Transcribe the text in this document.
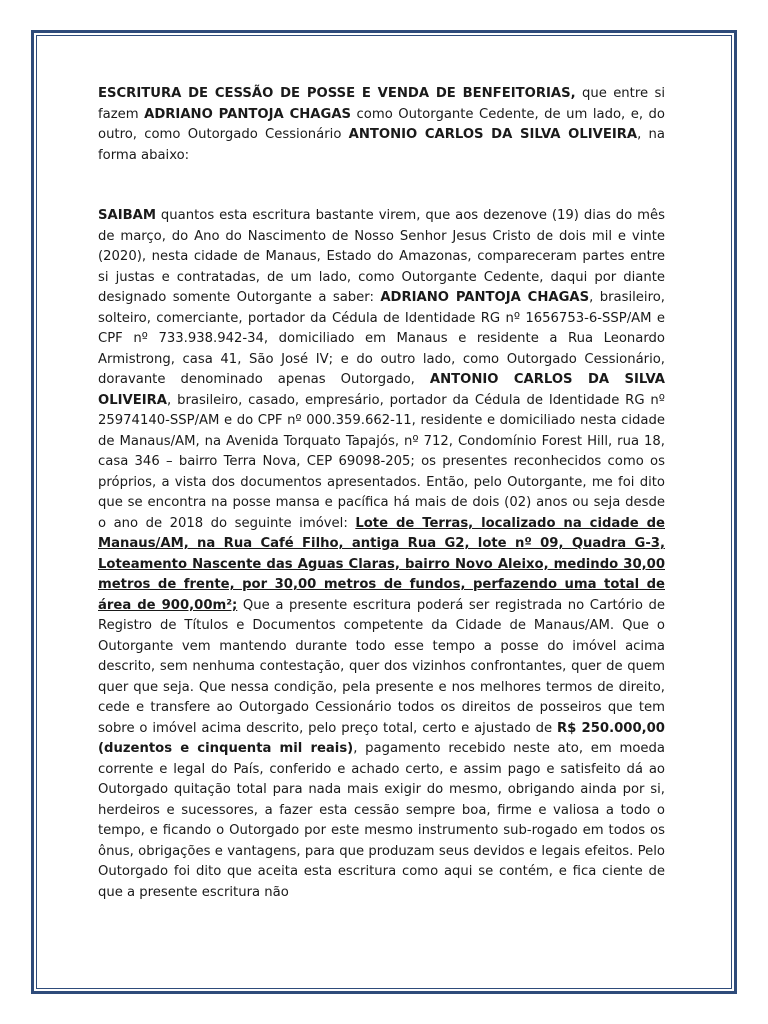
ESCRITURA DE CESSÃO DE POSSE E VENDA DE BENFEITORIAS, que entre si fazem ADRIANO PANTOJA CHAGAS como Outorgante Cedente, de um lado, e, do outro, como Outorgado Cessionário ANTONIO CARLOS DA SILVA OLIVEIRA, na forma abaixo:

SAIBAM quantos esta escritura bastante virem, que aos dezenove (19) dias do mês de março, do Ano do Nascimento de Nosso Senhor Jesus Cristo de dois mil e vinte (2020), nesta cidade de Manaus, Estado do Amazonas, compareceram partes entre si justas e contratadas, de um lado, como Outorgante Cedente, daqui por diante designado somente Outorgante a saber: ADRIANO PANTOJA CHAGAS, brasileiro, solteiro, comerciante, portador da Cédula de Identidade RG nº 1656753-6-SSP/AM e CPF nº 733.938.942-34, domiciliado em Manaus e residente a Rua Leonardo Armistrong, casa 41, São José IV; e do outro lado, como Outorgado Cessionário, doravante denominado apenas Outorgado, ANTONIO CARLOS DA SILVA OLIVEIRA, brasileiro, casado, empresário, portador da Cédula de Identidade RG nº 25974140-SSP/AM e do CPF nº 000.359.662-11, residente e domiciliado nesta cidade de Manaus/AM, na Avenida Torquato Tapajós, nº 712, Condomínio Forest Hill, rua 18, casa 346 – bairro Terra Nova, CEP 69098-205; os presentes reconhecidos como os próprios, a vista dos documentos apresentados. Então, pelo Outorgante, me foi dito que se encontra na posse mansa e pacífica há mais de dois (02) anos ou seja desde o ano de 2018 do seguinte imóvel: Lote de Terras, localizado na cidade de Manaus/AM, na Rua Café Filho, antiga Rua G2, lote nº 09, Quadra G-3, Loteamento Nascente das Aguas Claras, bairro Novo Aleixo, medindo 30,00 metros de frente, por 30,00 metros de fundos, perfazendo uma total de área de 900,00m²; Que a presente escritura poderá ser registrada no Cartório de Registro de Títulos e Documentos competente da Cidade de Manaus/AM. Que o Outorgante vem mantendo durante todo esse tempo a posse do imóvel acima descrito, sem nenhuma contestação, quer dos vizinhos confrontantes, quer de quem quer que seja. Que nessa condição, pela presente e nos melhores termos de direito, cede e transfere ao Outorgado Cessionário todos os direitos de posseiros que tem sobre o imóvel acima descrito, pelo preço total, certo e ajustado de R$ 250.000,00 (duzentos e cinquenta mil reais), pagamento recebido neste ato, em moeda corrente e legal do País, conferido e achado certo, e assim pago e satisfeito dá ao Outorgado quitação total para nada mais exigir do mesmo, obrigando ainda por si, herdeiros e sucessores, a fazer esta cessão sempre boa, firme e valiosa a todo o tempo, e ficando o Outorgado por este mesmo instrumento sub-rogado em todos os ônus, obrigações e vantagens, para que produzam seus devidos e legais efeitos. Pelo Outorgado foi dito que aceita esta escritura como aqui se contém, e fica ciente de que a presente escritura não
